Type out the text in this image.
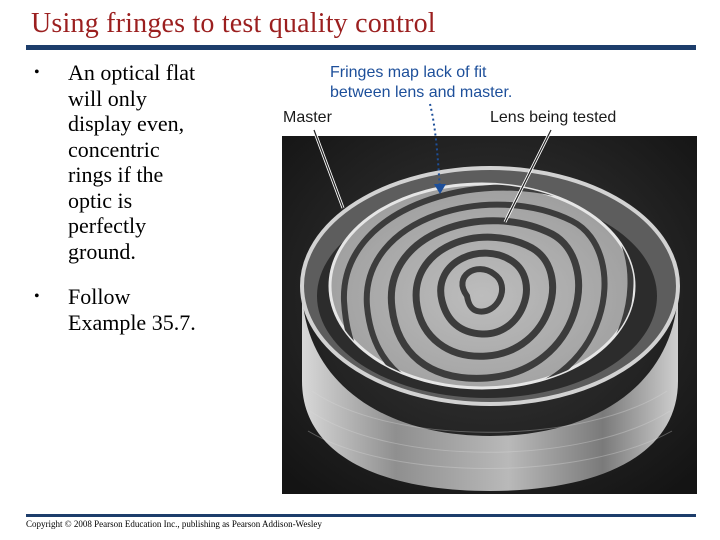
Using fringes to test quality control
• An optical flat will only display even, concentric rings if the optic is perfectly ground.
• Follow Example 35.7.
Fringes map lack of fit
between lens and master.
Master	Lens being tested
Copyright © 2008 Pearson Education Inc., publishing as Pearson Addison-Wesley
